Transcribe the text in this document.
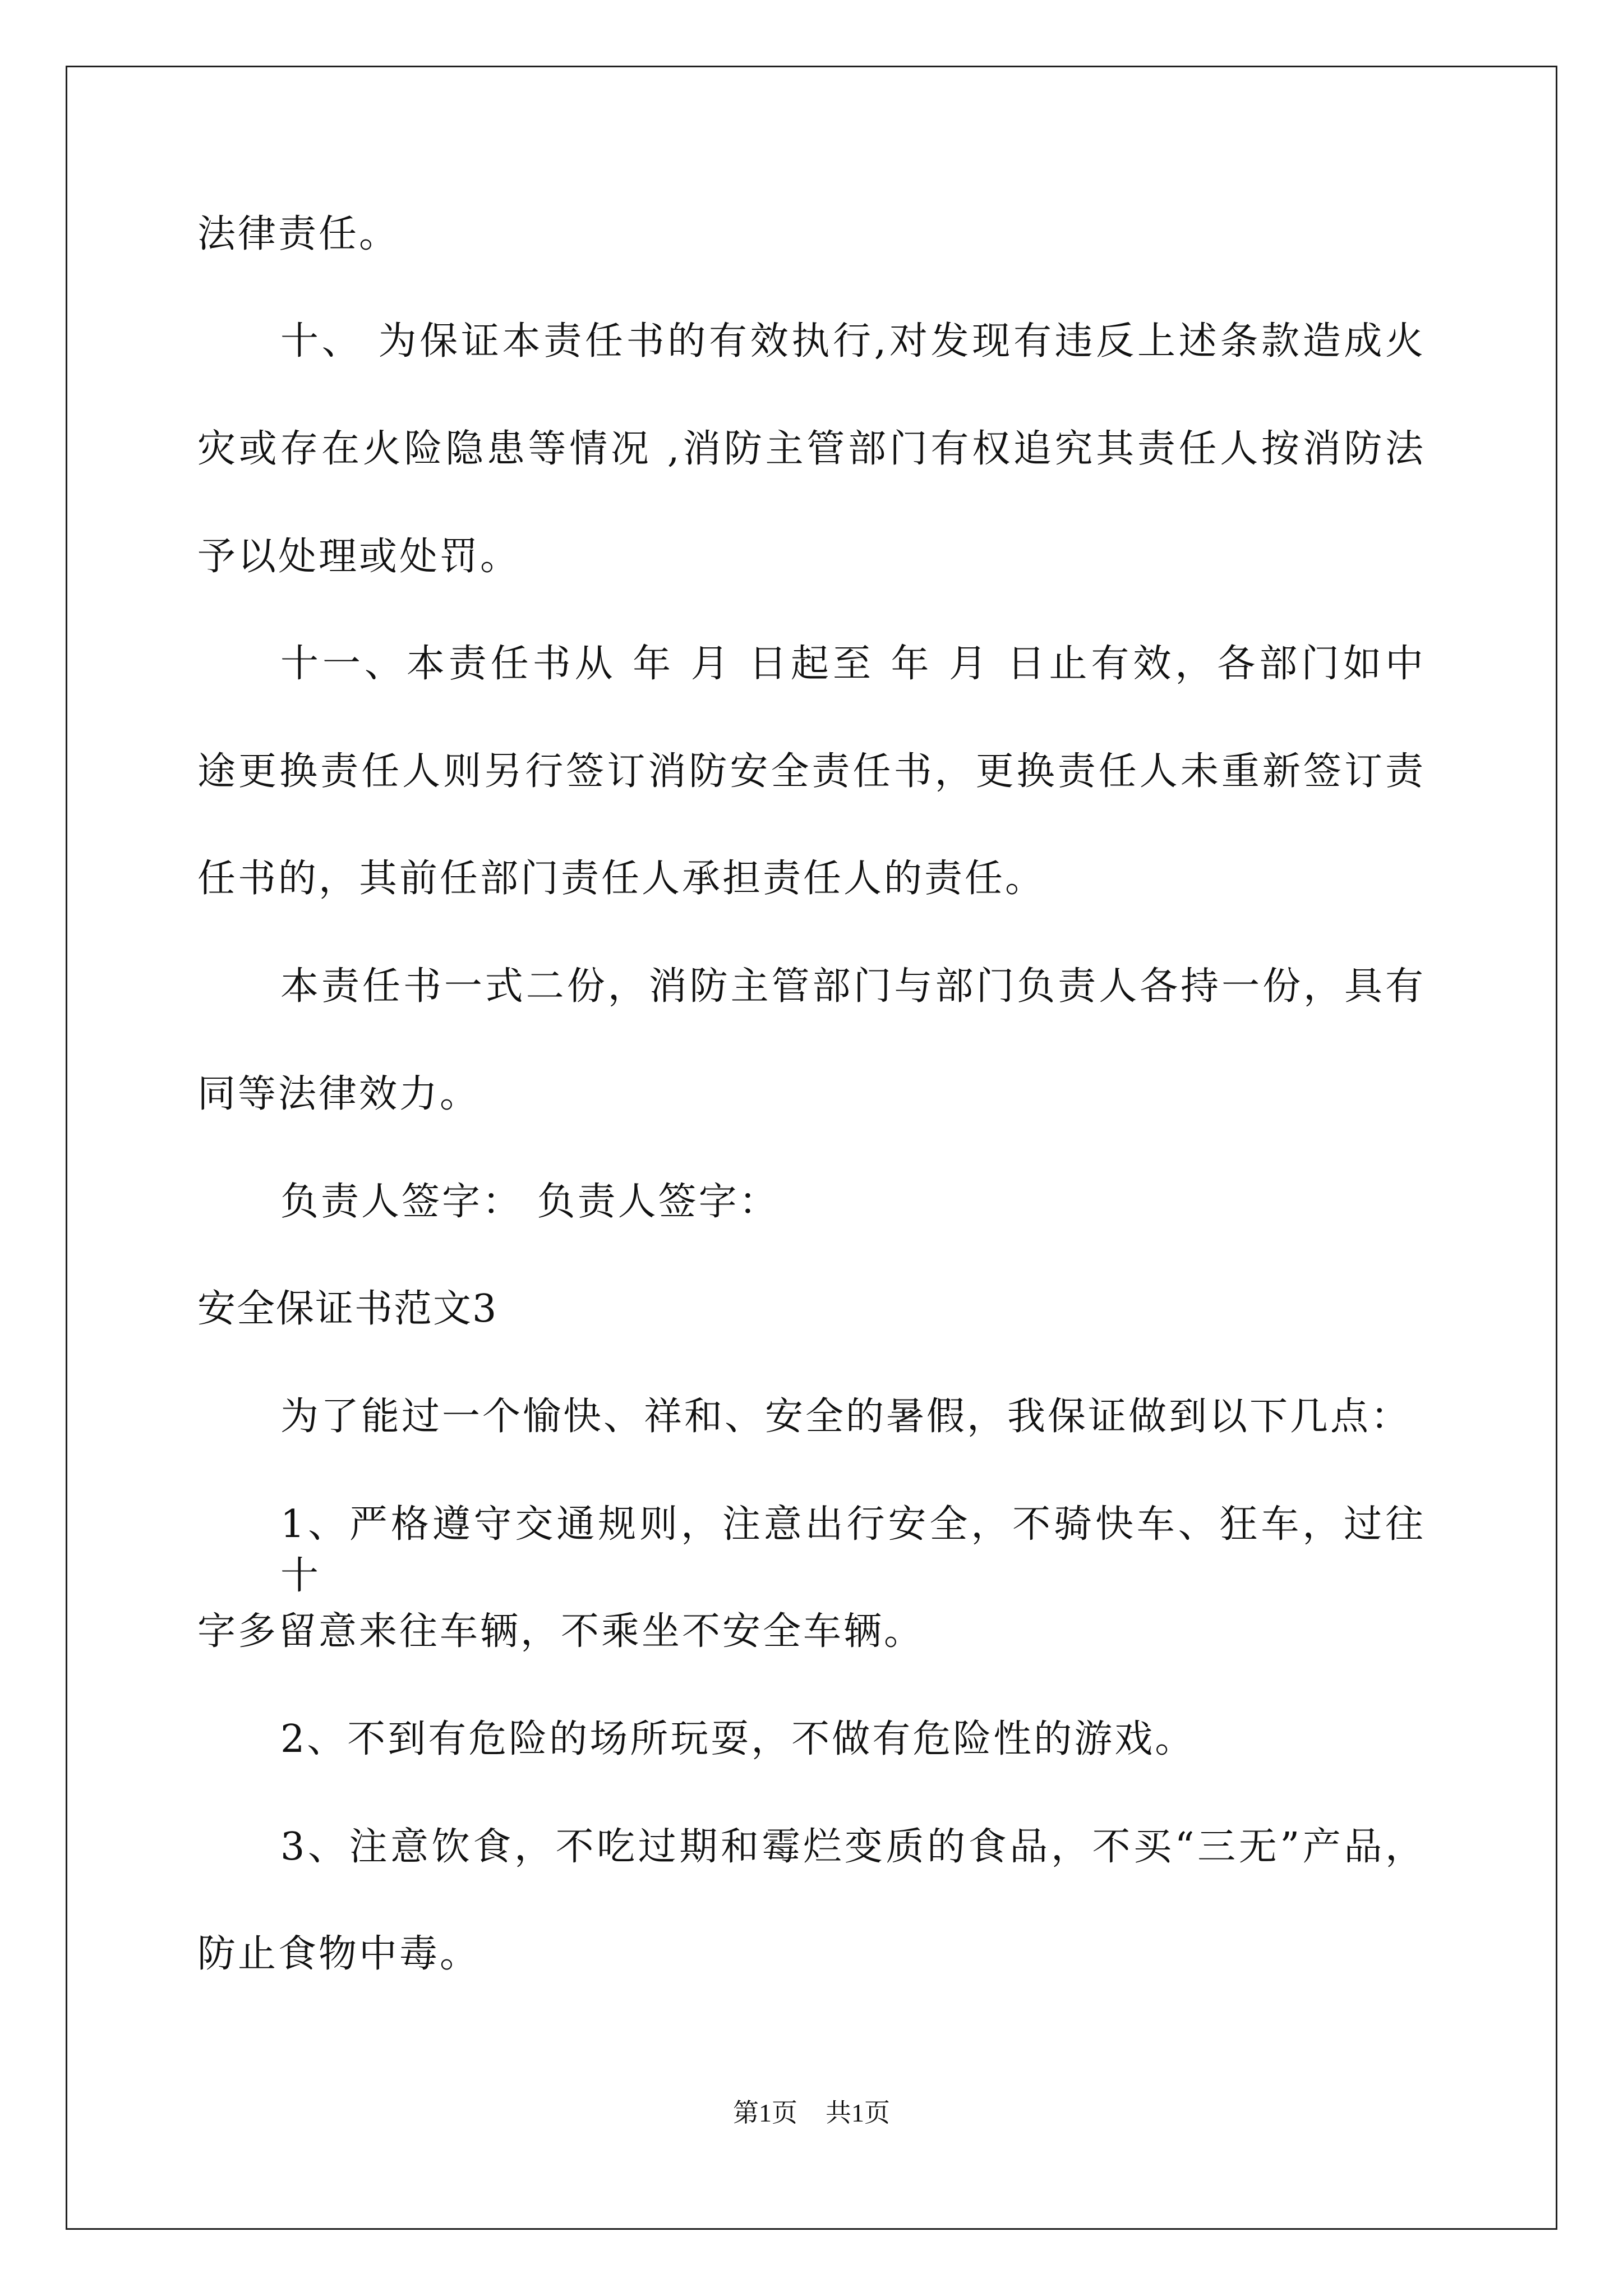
法律责任。

十、 为保证本责任书的有效执行,对发现有违反上述条款造成火

灾或存在火险隐患等情况 ,消防主管部门有权追究其责任人按消防法

予以处理或处罚。

十一、本责任书从 年 月 日起至 年 月 日止有效，各部门如中

途更换责任人则另行签订消防安全责任书，更换责任人未重新签订责

任书的，其前任部门责任人承担责任人的责任。

本责任书一式二份，消防主管部门与部门负责人各持一份，具有

同等法律效力。

负责人签字： 负责人签字：

安全保证书范文3

为了能过一个愉快、祥和、安全的暑假，我保证做到以下几点：

1、严格遵守交通规则，注意出行安全，不骑快车、狂车，过往十

字多留意来往车辆，不乘坐不安全车辆。

2、不到有危险的场所玩耍，不做有危险性的游戏。

3、注意饮食，不吃过期和霉烂变质的食品，不买“三无”产品，

防止食物中毒。

第1页 共1页
